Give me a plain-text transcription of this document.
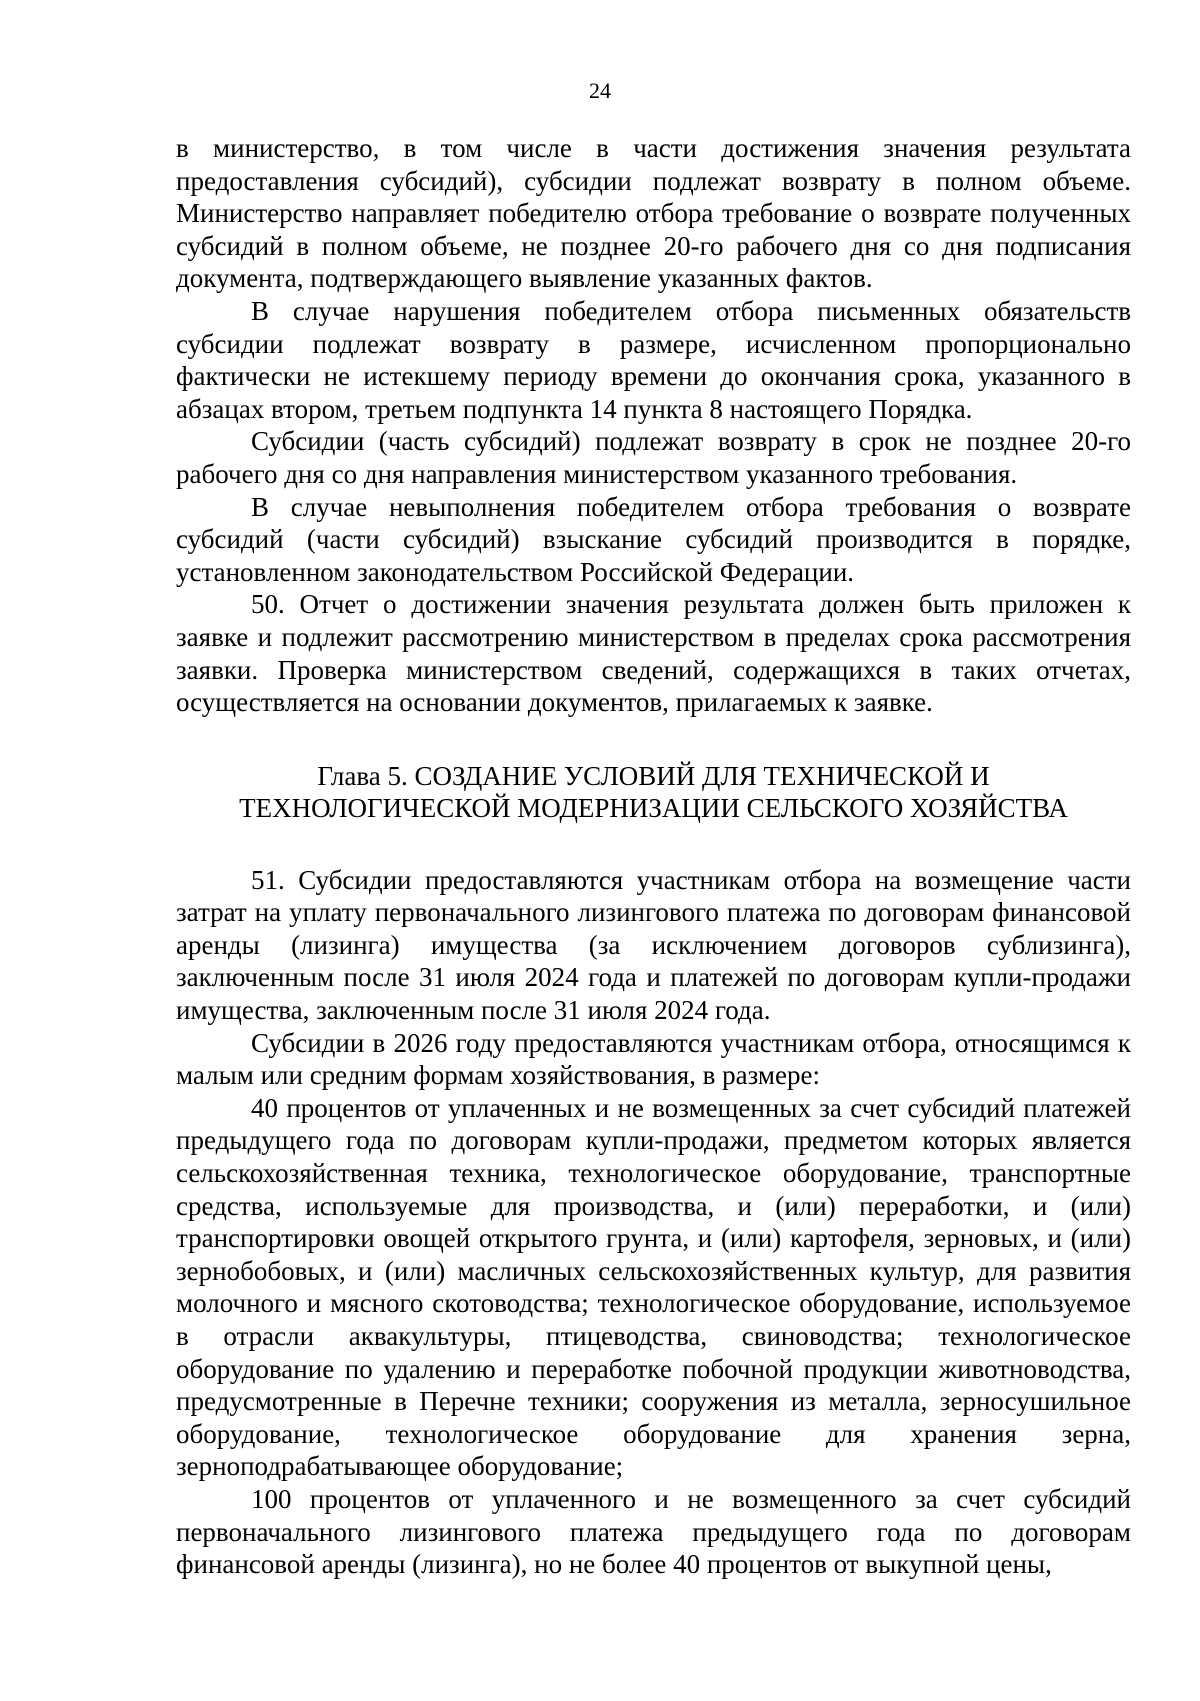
24

в министерство, в том числе в части достижения значения результата предоставления субсидий), субсидии подлежат возврату в полном объеме. Министерство направляет победителю отбора требование о возврате полученных субсидий в полном объеме, не позднее 20-го рабочего дня со дня подписания документа, подтверждающего выявление указанных фактов.

В случае нарушения победителем отбора письменных обязательств субсидии подлежат возврату в размере, исчисленном пропорционально фактически не истекшему периоду времени до окончания срока, указанного в абзацах втором, третьем подпункта 14 пункта 8 настоящего Порядка.

Субсидии (часть субсидий) подлежат возврату в срок не позднее 20-го рабочего дня со дня направления министерством указанного требования.

В случае невыполнения победителем отбора требования о возврате субсидий (части субсидий) взыскание субсидий производится в порядке, установленном законодательством Российской Федерации.

50. Отчет о достижении значения результата должен быть приложен к заявке и подлежит рассмотрению министерством в пределах срока рассмотрения заявки. Проверка министерством сведений, содержащихся в таких отчетах, осуществляется на основании документов, прилагаемых к заявке.

Глава 5. СОЗДАНИЕ УСЛОВИЙ ДЛЯ ТЕХНИЧЕСКОЙ И
ТЕХНОЛОГИЧЕСКОЙ МОДЕРНИЗАЦИИ СЕЛЬСКОГО ХОЗЯЙСТВА

51. Субсидии предоставляются участникам отбора на возмещение части затрат на уплату первоначального лизингового платежа по договорам финансовой аренды (лизинга) имущества (за исключением договоров сублизинга), заключенным после 31 июля 2024 года и платежей по договорам купли-продажи имущества, заключенным после 31 июля 2024 года.

Субсидии в 2026 году предоставляются участникам отбора, относящимся к малым или средним формам хозяйствования, в размере:

40 процентов от уплаченных и не возмещенных за счет субсидий платежей предыдущего года по договорам купли-продажи, предметом которых является сельскохозяйственная техника, технологическое оборудование, транспортные средства, используемые для производства, и (или) переработки, и (или) транспортировки овощей открытого грунта, и (или) картофеля, зерновых, и (или) зернобобовых, и (или) масличных сельскохозяйственных культур, для развития молочного и мясного скотоводства; технологическое оборудование, используемое в отрасли аквакультуры, птицеводства, свиноводства; технологическое оборудование по удалению и переработке побочной продукции животноводства, предусмотренные в Перечне техники; сооружения из металла, зерносушильное оборудование, технологическое оборудование для хранения зерна, зерноподрабатывающее оборудование;

100 процентов от уплаченного и не возмещенного за счет субсидий первоначального лизингового платежа предыдущего года по договорам финансовой аренды (лизинга), но не более 40 процентов от выкупной цены,
